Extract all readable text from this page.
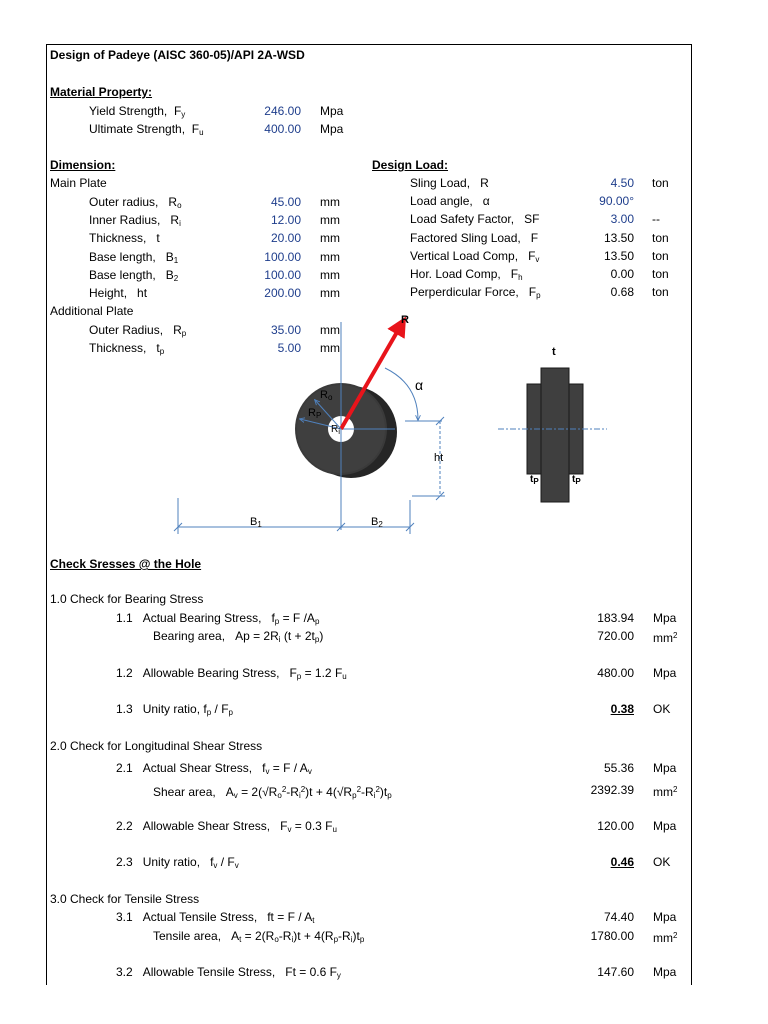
Design of Padeye (AISC 360-05)/API 2A-WSD
Material Property:
Yield Strength, $F_y$	246.00 Mpa
Ultimate Strength, $F_u$	400.00 Mpa
Dimension:
Main Plate
Outer radius, $R_o$	45.00 mm
Inner Radius, $R_i$	12.00 mm
Thickness, t	20.00 mm
Base length, $B_1$	100.00 mm
Base length, $B_2$	100.00 mm
Height, ht	200.00 mm
Additional Plate
Outer Radius, $R_p$	35.00 mm
Thickness, $t_p$	5.00 mm
Design Load:
Sling Load, R	4.50 ton
Load angle, α	90.00°
Load Safety Factor, SF	3.00 --
Factored Sling Load, F	13.50 ton
Vertical Load Comp, $F_v$	13.50 ton
Hor. Load Comp, $F_h$	0.00 ton
Perperdicular Force, $F_p$	0.68 ton
R
$R_o$
$R_P$
$R_i$
α
ht
$B_1$	$B_2$
t
$t_P$	$t_P$
Check Sresses @ the Hole
1.0 Check for Bearing Stress
1.1 Actual Bearing Stress, $f_p = F$ $/A_p$	183.94 Mpa
Bearing area, $Ap = 2R_i$ $(t + 2t_p)$	720.00 $mm^2$
1.2 Allowable Bearing Stress, $F_p = 1.2$ $F_u$	480.00 Mpa
1.3 Unity ratio, $f_p / F_p$	0.38 OK
2.0 Check for Longitudinal Shear Stress
2.1 Actual Shear Stress, $f_v = F / A_v$	55.36 Mpa
Shear area, $A_v = 2(√R_o^2-R_i^2)t + 4(√R_p^2-R_i^2)t_p$	2392.39 $mm^2$
2.2 Allowable Shear Stress, $F_v = 0.3$ $F_u$	120.00 Mpa
2.3 Unity ratio, $f_v / F_v$	0.46 OK
3.0 Check for Tensile Stress
3.1 Actual Tensile Stress, ft = F / $A_t$	74.40 Mpa
Tensile area, $A_t = 2(R_o-R_i)t + 4(R_p-R_i)t_p$	1780.00 $mm^2$
3.2 Allowable Tensile Stress, Ft = 0.6 $F_y$	147.60 Mpa
